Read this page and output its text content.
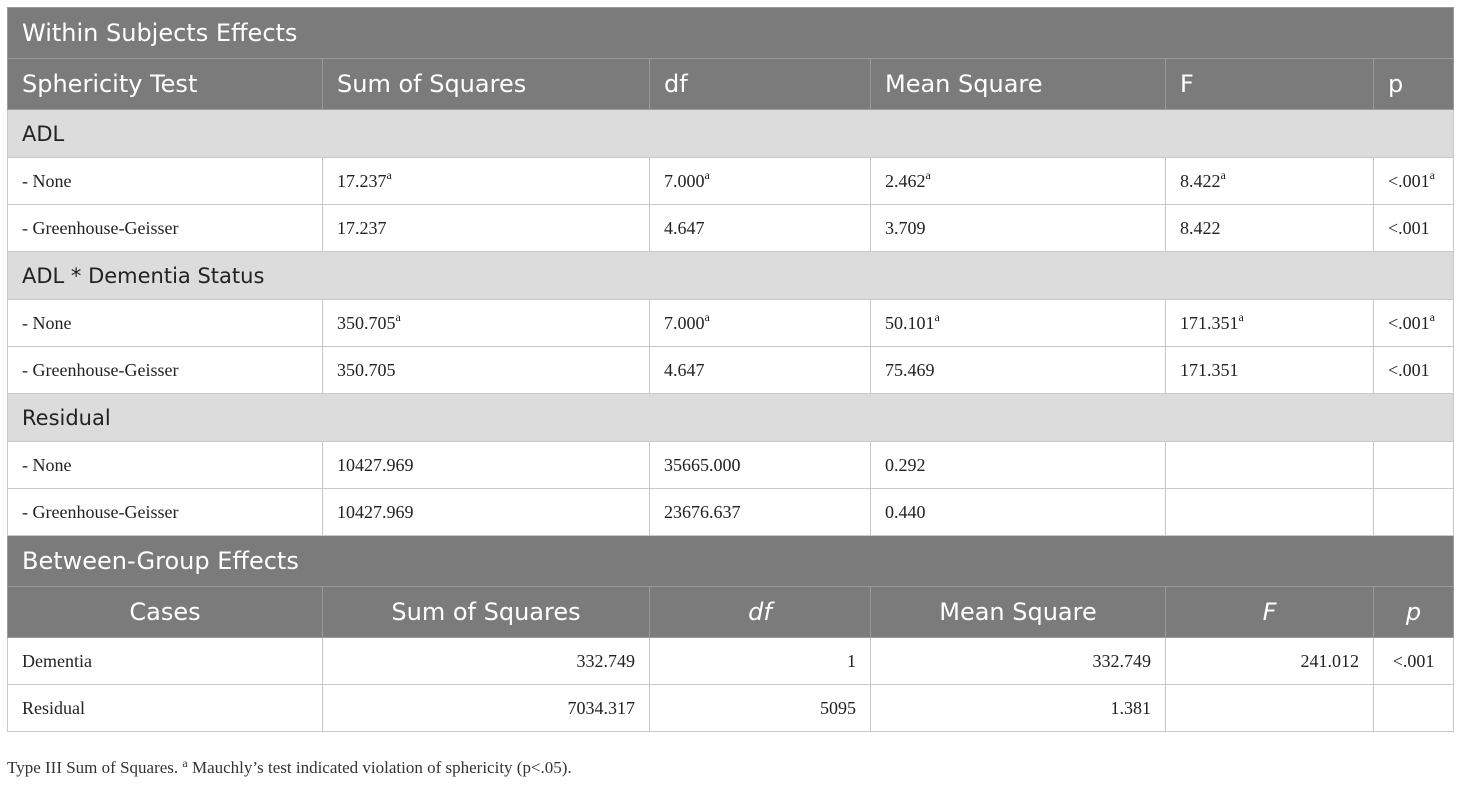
Within Subjects Effects					
Sphericity Test	Sum of Squares	df	Mean Square	F	p
ADL					
- None	17.237$^a$	7.000$^a$	2.462$^a$	8.422$^a$	<.001$^a$
- Greenhouse-Geisser	17.237	4.647	3.709	8.422	<.001
ADL * Dementia Status					
- None	350.705$^a$	7.000$^a$	50.101$^a$	171.351$^a$	<.001$^a$
- Greenhouse-Geisser	350.705	4.647	75.469	171.351	<.001
Residual					
- None	10427.969	35665.000	0.292		
- Greenhouse-Geisser	10427.969	23676.637	0.440		
Between-Group Effects					
Cases	Sum of Squares	df	Mean Square	F	p
Dementia	332.749	1	332.749	241.012	<.001
Residual	7034.317	5095	1.381		
Type III Sum of Squares. $^a$ Mauchly’s test indicated violation of sphericity (p<.05).
